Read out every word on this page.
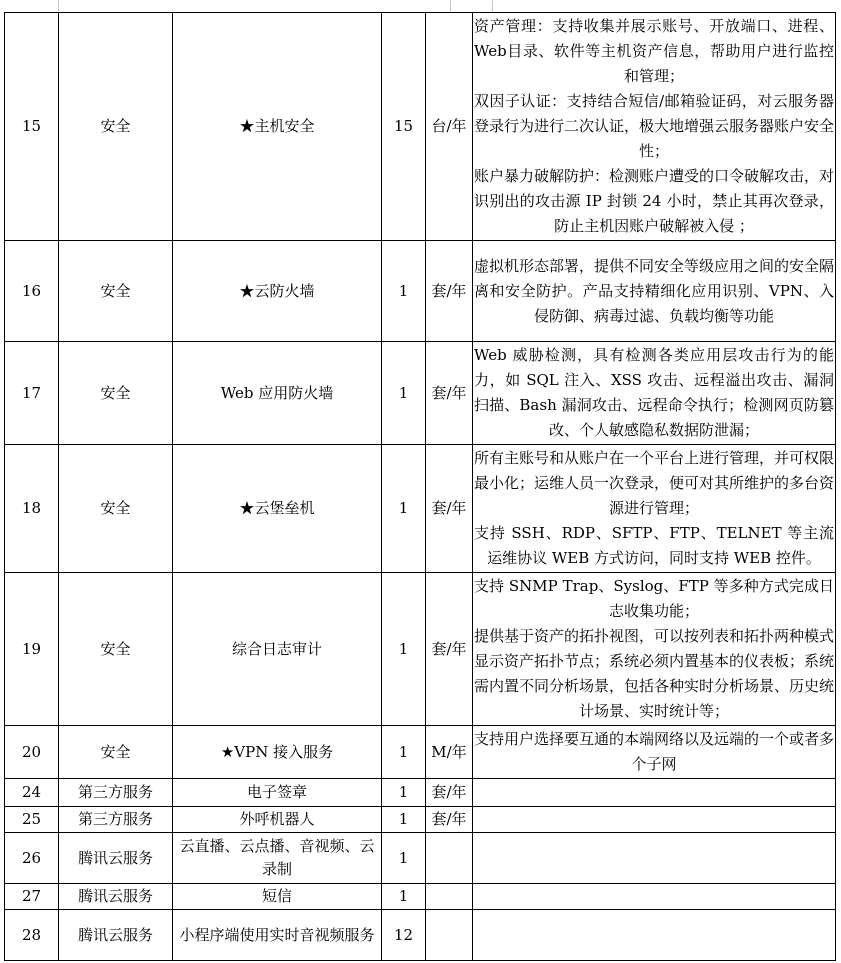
15	安全	★主机安全	15	台/年	资产管理：支持收集并展示账号、开放端口、进程、Web目录、软件等主机资产信息，帮助用户进行监控和管理；

双因子认证：支持结合短信/邮箱验证码，对云服务器登录行为进行二次认证，极大地增强云服务器账户安全性；

账户暴力破解防护：检测账户遭受的口令破解攻击，对识别出的攻击源 IP 封锁 24 小时，禁止其再次登录，防止主机因账户破解被入侵 ；

16	安全	★云防火墙	1	套/年	虚拟机形态部署，提供不同安全等级应用之间的安全隔离和安全防护。产品支持精细化应用识别、VPN、入侵防御、病毒过滤、负载均衡等功能

17	安全	Web 应用防火墙	1	套/年	Web 威胁检测，具有检测各类应用层攻击行为的能力，如 SQL 注入、XSS 攻击、远程溢出攻击、漏洞扫描、Bash 漏洞攻击、远程命令执行；检测网页防篡改、个人敏感隐私数据防泄漏；

18	安全	★云堡垒机	1	套/年	所有主账号和从账户在一个平台上进行管理，并可权限最小化；运维人员一次登录，便可对其所维护的多台资源进行管理；

支持 SSH、RDP、SFTP、FTP、TELNET 等主流运维协议 WEB 方式访问，同时支持 WEB 控件。

19	安全	综合日志审计	1	套/年	支持 SNMP Trap、Syslog、FTP 等多种方式完成日志收集功能；

提供基于资产的拓扑视图，可以按列表和拓扑两种模式显示资产拓扑节点；系统必须内置基本的仪表板；系统需内置不同分析场景，包括各种实时分析场景、历史统计场景、实时统计等；

20	安全	★VPN 接入服务	1	M/年	支持用户选择要互通的本端网络以及远端的一个或者多个子网

24	第三方服务	电子签章	1	套/年	
25	第三方服务	外呼机器人	1	套/年	
26	腾讯云服务	云直播、云点播、音视频、云录制	1		
27	腾讯云服务	短信	1		
28	腾讯云服务	小程序端使用实时音视频服务	12		
